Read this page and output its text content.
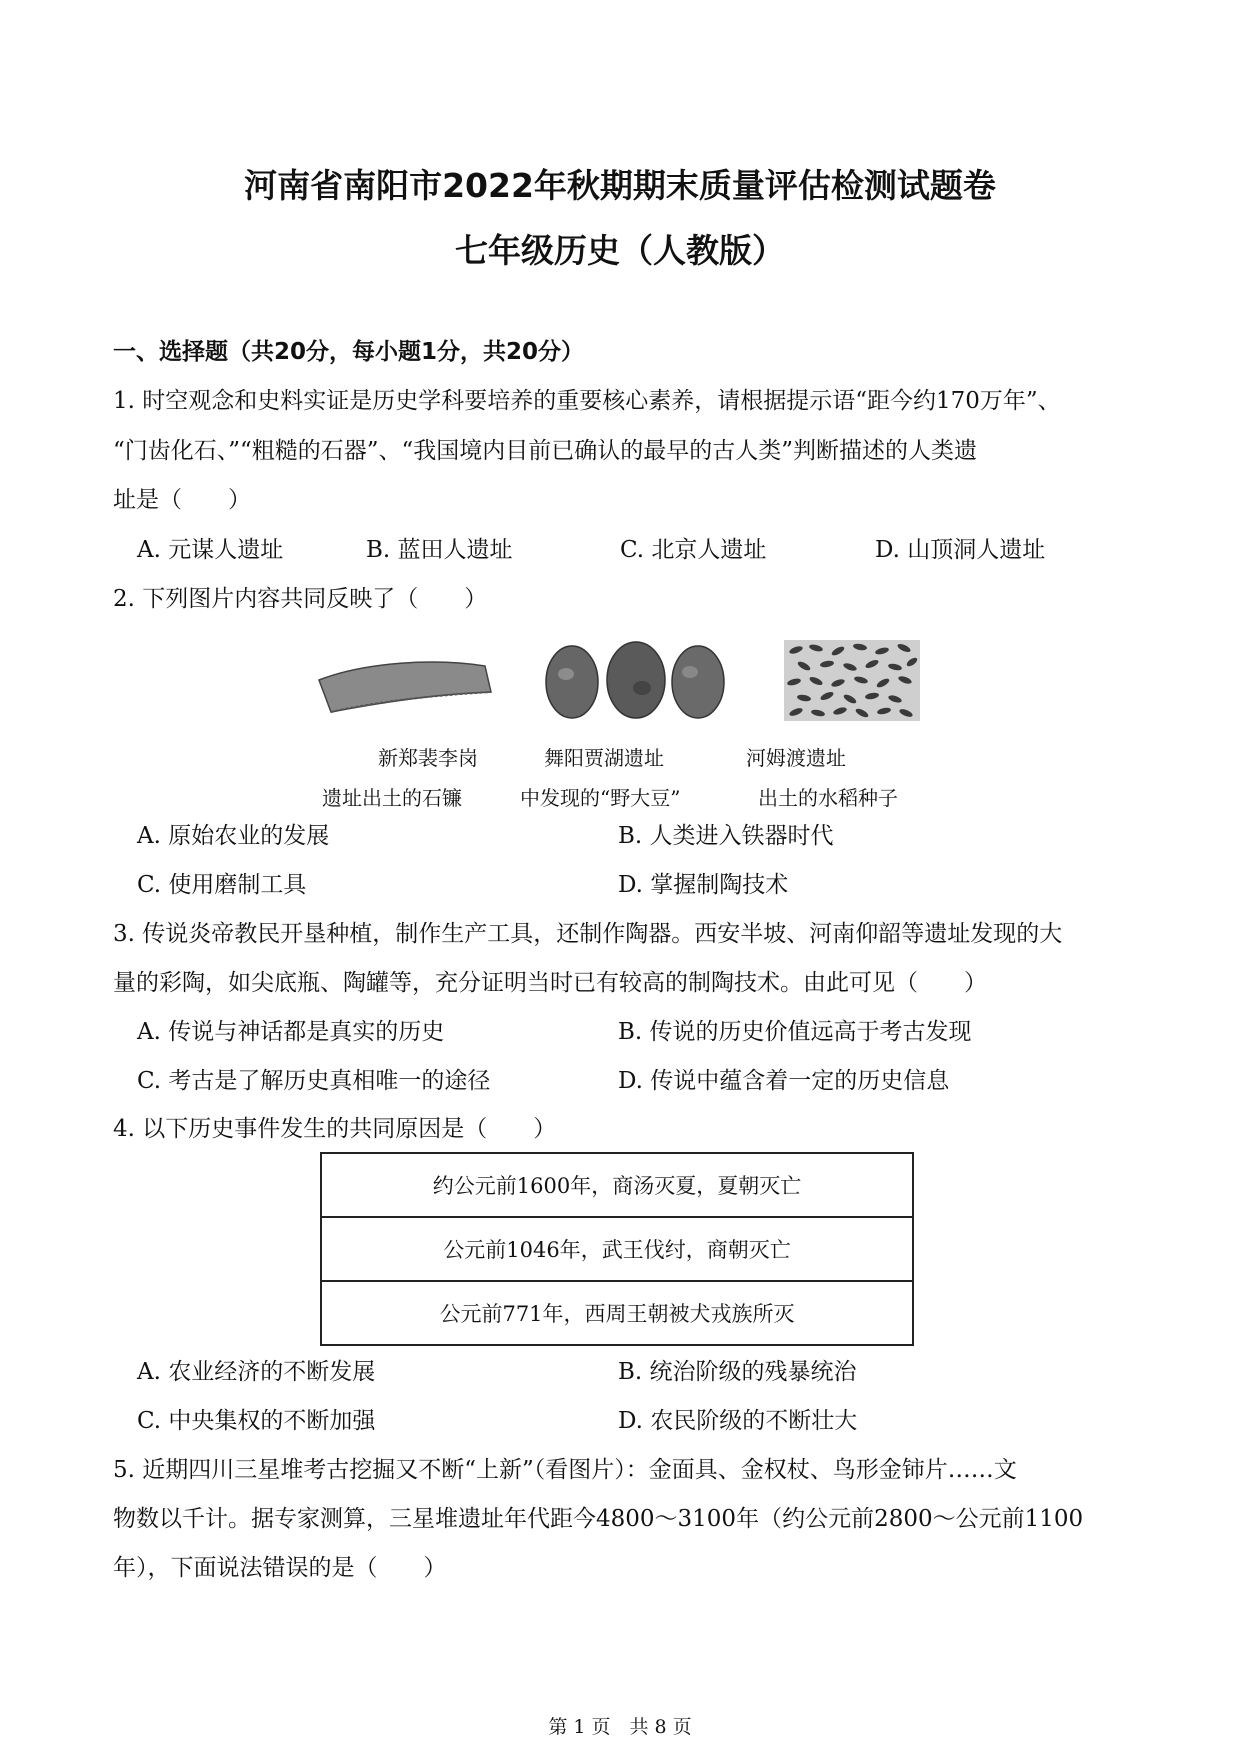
河南省南阳市2022年秋期期末质量评估检测试题卷
七年级历史（人教版）
一、选择题（共20分，每小题1分，共20分）
1. 时空观念和史料实证是历史学科要培养的重要核心素养，请根据提示语“距今约170万年”、
“门齿化石、”“粗糙的石器”、“我国境内目前已确认的最早的古人类”判断描述的人类遗
址是（　　）
A. 元谋人遗址	B. 蓝田人遗址	C. 北京人遗址	D. 山顶洞人遗址
2. 下列图片内容共同反映了（　　）
新郑裴李岗
遗址出土的石镰
舞阳贾湖遗址
中发现的“野大豆”
河姆渡遗址
出土的水稻种子
A. 原始农业的发展	B. 人类进入铁器时代
C. 使用磨制工具	D. 掌握制陶技术
3. 传说炎帝教民开垦种植，制作生产工具，还制作陶器。西安半坡、河南仰韶等遗址发现的大
量的彩陶，如尖底瓶、陶罐等，充分证明当时已有较高的制陶技术。由此可见（　　）
A. 传说与神话都是真实的历史	B. 传说的历史价值远高于考古发现
C. 考古是了解历史真相唯一的途径	D. 传说中蕴含着一定的历史信息
4. 以下历史事件发生的共同原因是（　　）
约公元前1600年，商汤灭夏，夏朝灭亡
公元前1046年，武王伐纣，商朝灭亡
公元前771年，西周王朝被犬戎族所灭
A. 农业经济的不断发展	B. 统治阶级的残暴统治
C. 中央集权的不断加强	D. 农民阶级的不断壮大
5. 近期四川三星堆考古挖掘又不断“上新”（看图片）：金面具、金权杖、鸟形金铈片……文
物数以千计。据专家测算，三星堆遗址年代距今4800～3100年（约公元前2800～公元前1100
年），下面说法错误的是（　　）
第 1 页　共 8 页
